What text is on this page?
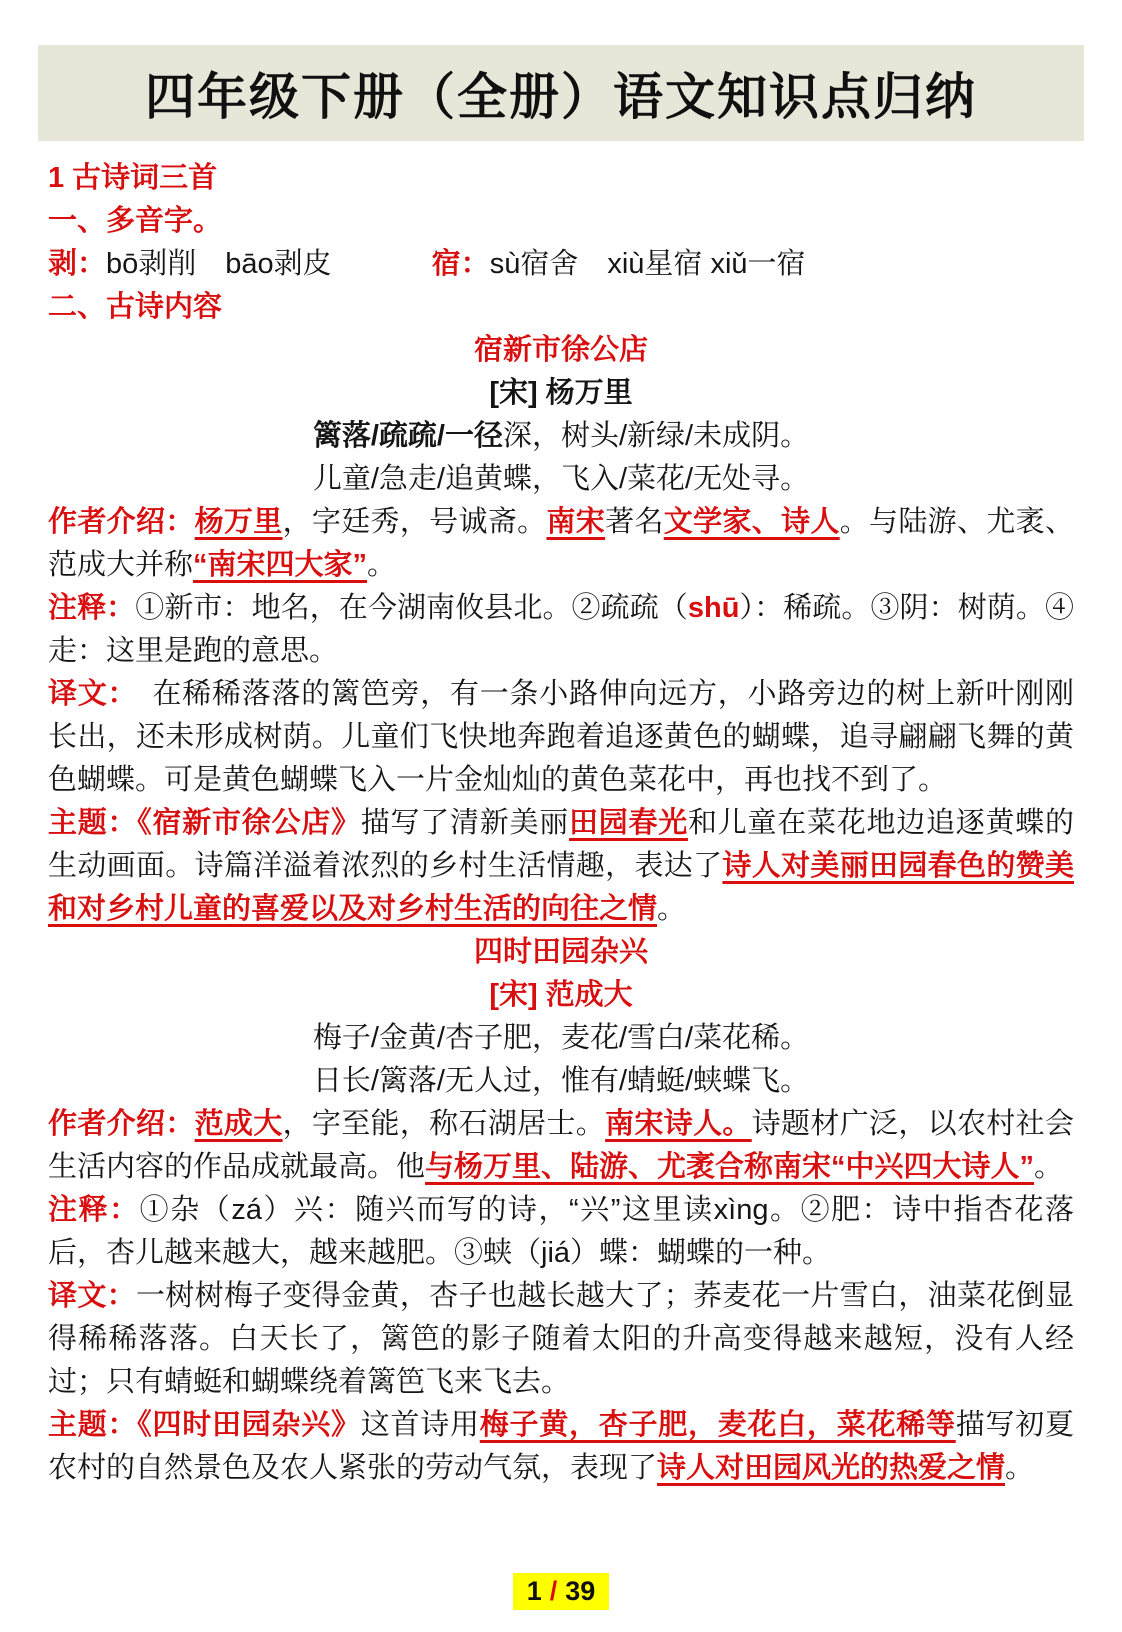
四年级下册（全册）语文知识点归纳

1 古诗词三首

一、多音字。

剥：bō剥削　bāo剥皮	宿：sù宿舍　xiù星宿 xiǔ一宿

二、古诗内容

宿新市徐公店

[宋] 杨万里

篱落/疏疏/一径深，树头/新绿/未成阴。

儿童/急走/追黄蝶，飞入/菜花/无处寻。

作者介绍：杨万里，字廷秀，号诚斋。南宋著名文学家、诗人。与陆游、尤袤、范成大并称“南宋四大家”。

注释：①新市：地名，在今湖南攸县北。②疏疏（shū）：稀疏。③阴：树荫。④走：这里是跑的意思。

译文：　在稀稀落落的篱笆旁，有一条小路伸向远方，小路旁边的树上新叶刚刚长出，还未形成树荫。儿童们飞快地奔跑着追逐黄色的蝴蝶，追寻翩翩飞舞的黄色蝴蝶。可是黄色蝴蝶飞入一片金灿灿的黄色菜花中，再也找不到了。

主题：《宿新市徐公店》描写了清新美丽田园春光和儿童在菜花地边追逐黄蝶的生动画面。诗篇洋溢着浓烈的乡村生活情趣，表达了诗人对美丽田园春色的赞美和对乡村儿童的喜爱以及对乡村生活的向往之情。

四时田园杂兴

[宋] 范成大

梅子/金黄/杏子肥，麦花/雪白/菜花稀。

日长/篱落/无人过，惟有/蜻蜓/蛱蝶飞。

作者介绍：范成大，字至能，称石湖居士。南宋诗人。诗题材广泛，以农村社会生活内容的作品成就最高。他与杨万里、陆游、尤袤合称南宋“中兴四大诗人”。

注释：①杂（zá）兴：随兴而写的诗，“兴”这里读xìng。②肥：诗中指杏花落后，杏儿越来越大，越来越肥。③蛱（jiá）蝶：蝴蝶的一种。

译文：一树树梅子变得金黄，杏子也越长越大了；荞麦花一片雪白，油菜花倒显得稀稀落落。白天长了，篱笆的影子随着太阳的升高变得越来越短，没有人经过；只有蜻蜓和蝴蝶绕着篱笆飞来飞去。

主题：《四时田园杂兴》这首诗用梅子黄，杏子肥，麦花白，菜花稀等描写初夏农村的自然景色及农人紧张的劳动气氛，表现了诗人对田园风光的热爱之情。

1 / 39
